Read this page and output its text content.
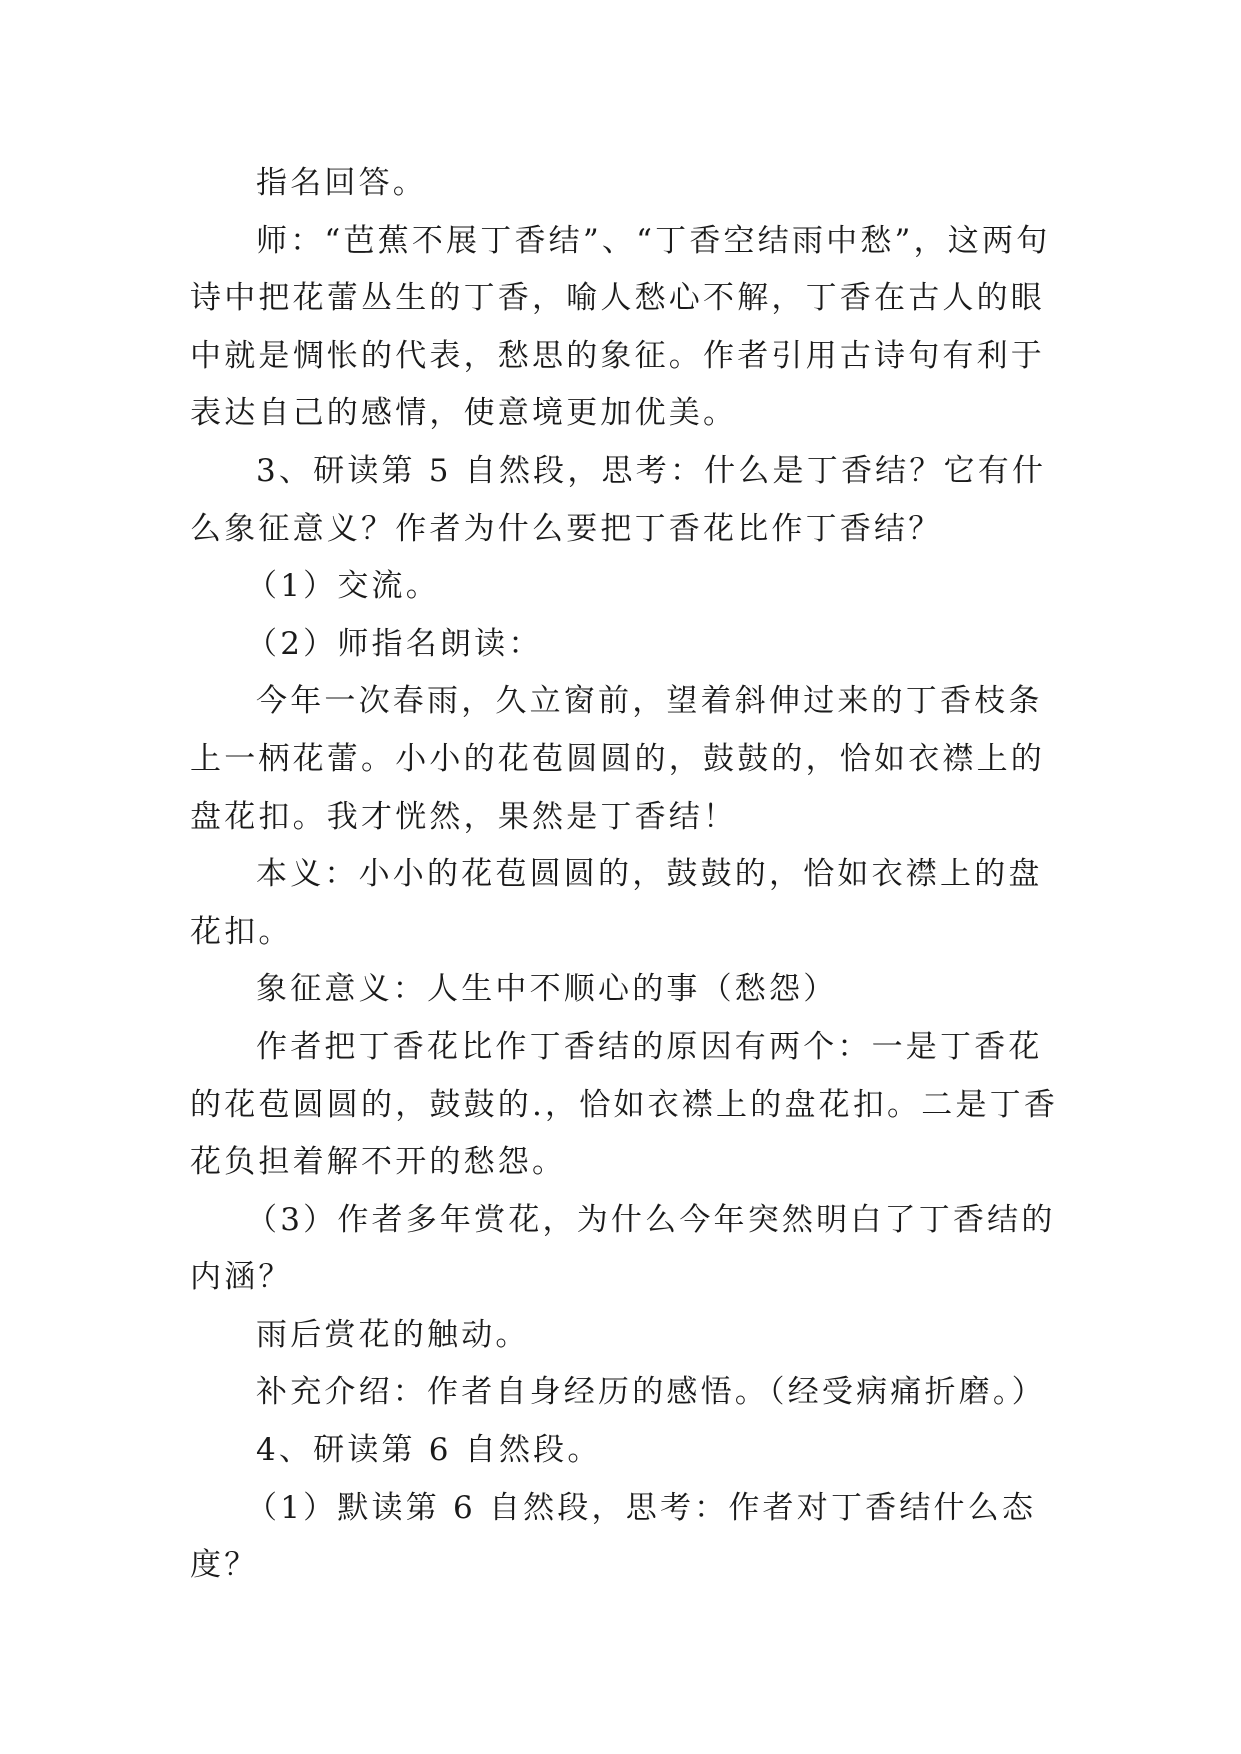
指名回答。

师：“芭蕉不展丁香结”、“丁香空结雨中愁”，这两句诗中把花蕾丛生的丁香，喻人愁心不解，丁香在古人的眼中就是惆怅的代表，愁思的象征。作者引用古诗句有利于表达自己的感情，使意境更加优美。

3、研读第 5 自然段，思考：什么是丁香结？它有什么象征意义？作者为什么要把丁香花比作丁香结？

（1）交流。

（2）师指名朗读：

今年一次春雨，久立窗前，望着斜伸过来的丁香枝条上一柄花蕾。小小的花苞圆圆的，鼓鼓的，恰如衣襟上的盘花扣。我才恍然，果然是丁香结！

本义：小小的花苞圆圆的，鼓鼓的，恰如衣襟上的盘花扣。

象征意义：人生中不顺心的事（愁怨）

作者把丁香花比作丁香结的原因有两个：一是丁香花的花苞圆圆的，鼓鼓的.，恰如衣襟上的盘花扣。二是丁香花负担着解不开的愁怨。

（3）作者多年赏花，为什么今年突然明白了丁香结的内涵？

雨后赏花的触动。

补充介绍：作者自身经历的感悟。（经受病痛折磨。）

4、研读第 6 自然段。

（1）默读第 6 自然段，思考：作者对丁香结什么态度？
